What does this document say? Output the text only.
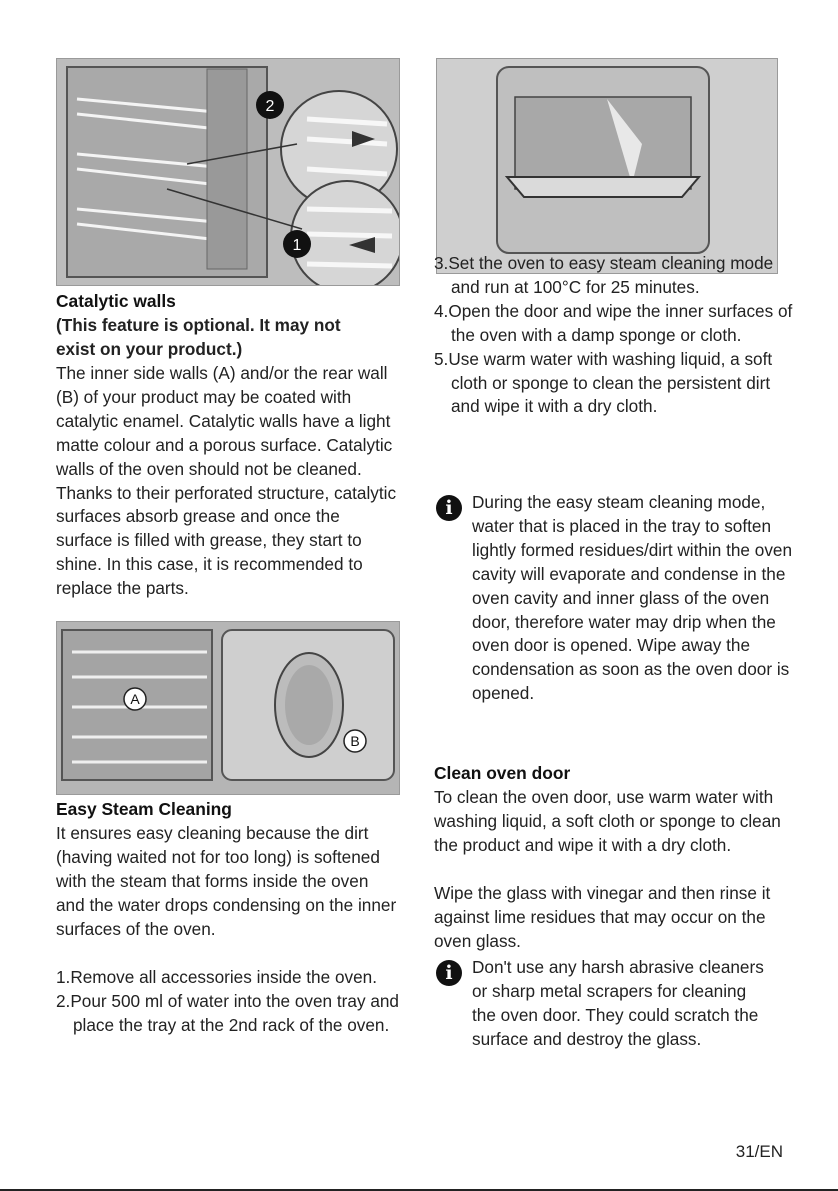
2
1
Catalytic walls

(This feature is optional. It may not exist on your product.)

The inner side walls (A) and/or the rear wall (B) of your product may be coated with catalytic enamel. Catalytic walls have a light matte colour and a porous surface. Catalytic walls of the oven should not be cleaned. Thanks to their perforated structure, catalytic surfaces absorb grease and once the surface is filled with grease, they start to shine. In this case, it is recommended to replace the parts.

A
B
Easy Steam Cleaning

It ensures easy cleaning because the dirt (having waited not for too long) is softened with the steam that forms inside the oven and the water drops condensing on the inner surfaces of the oven.

1.Remove all accessories inside the oven.
2.Pour 500 ml of water into the oven tray and place the tray at the 2nd rack of the oven.
3.Set the oven to easy steam cleaning mode and run at 100°C for 25 minutes.
4.Open the door and wipe the inner surfaces of the oven with a damp sponge or cloth.
5.Use warm water with washing liquid, a soft cloth or sponge to clean the persistent dirt and wipe it with a dry cloth.
i	During the easy steam cleaning mode, water that is placed in the tray to soften lightly formed residues/dirt within the oven cavity will evaporate and condense in the oven cavity and inner glass of the oven door, therefore water may drip when the oven door is opened. Wipe away the condensation as soon as the oven door is opened.

Clean oven door

To clean the oven door, use warm water with washing liquid, a soft cloth or sponge to clean the product and wipe it with a dry cloth.

Wipe the glass with vinegar and then rinse it against lime residues that may occur on the oven glass.

i	Don't use any harsh abrasive cleaners or sharp metal scrapers for cleaning the oven door. They could scratch the surface and destroy the glass.

31/EN
